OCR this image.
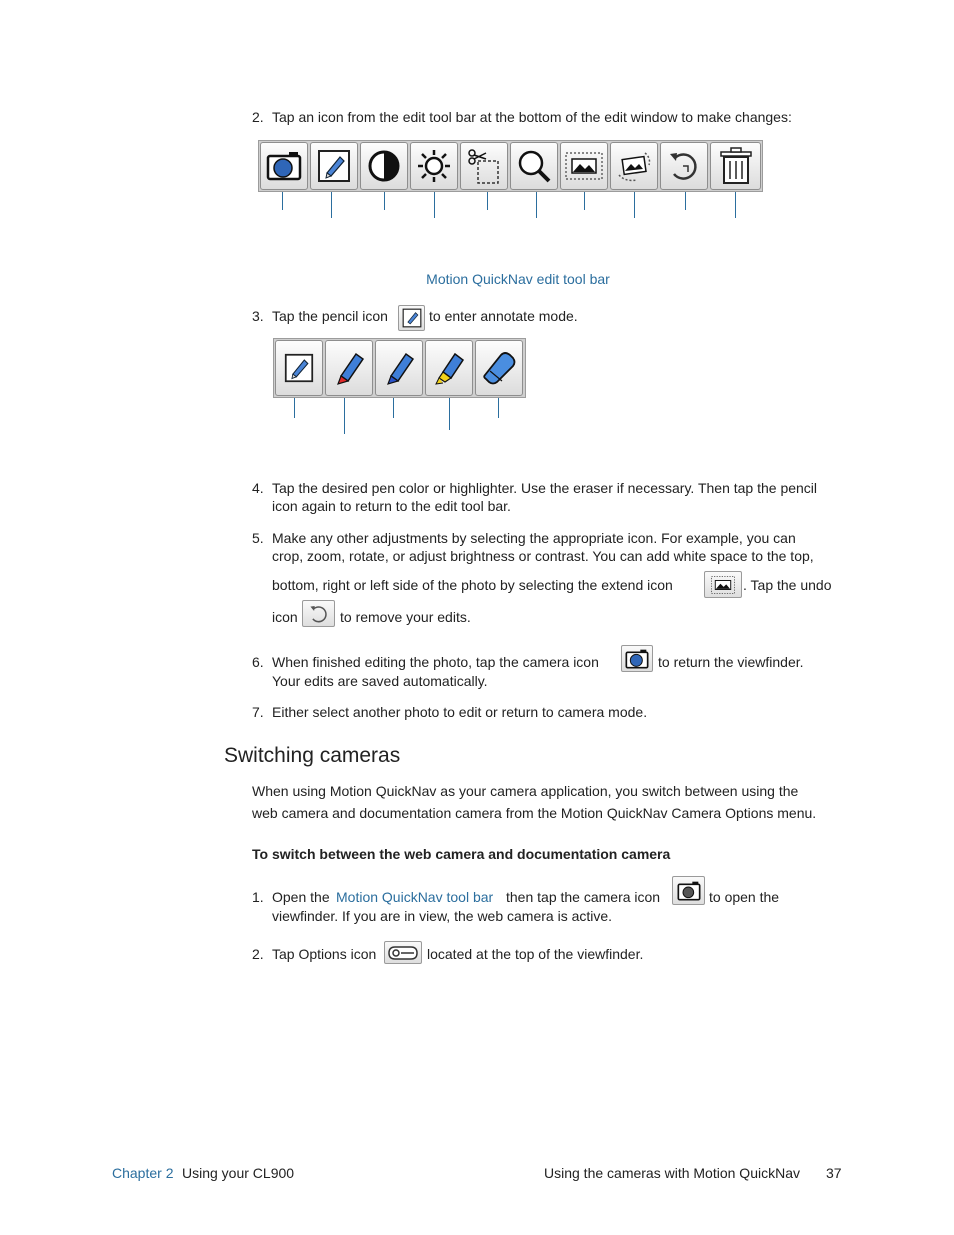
2. Tap an icon from the edit tool bar at the bottom of the edit window to make changes:
Motion QuickNav edit tool bar
3. Tap the pencil icon	to enter annotate mode.
4. Tap the desired pen color or highlighter. Use the eraser if necessary. Then tap the pencil
icon again to return to the edit tool bar.
5. Make any other adjustments by selecting the appropriate icon. For example, you can
crop, zoom, rotate, or adjust brightness or contrast. You can add white space to the top,
bottom, right or left side of the photo by selecting the extend icon	. Tap the undo
icon	to remove your edits.
6. When finished editing the photo, tap the camera icon	to return the viewfinder.
Your edits are saved automatically.
7. Either select another photo to edit or return to camera mode.
Switching cameras
When using Motion QuickNav as your camera application, you switch between using the
web camera and documentation camera from the Motion QuickNav Camera Options menu.
To switch between the web camera and documentation camera
1. Open the Motion QuickNav tool bar then tap the camera icon	to open the
viewfinder. If you are in view, the web camera is active.
2. Tap Options icon	located at the top of the viewfinder.
Chapter 2 Using your CL900	Using the cameras with Motion QuickNav 37
